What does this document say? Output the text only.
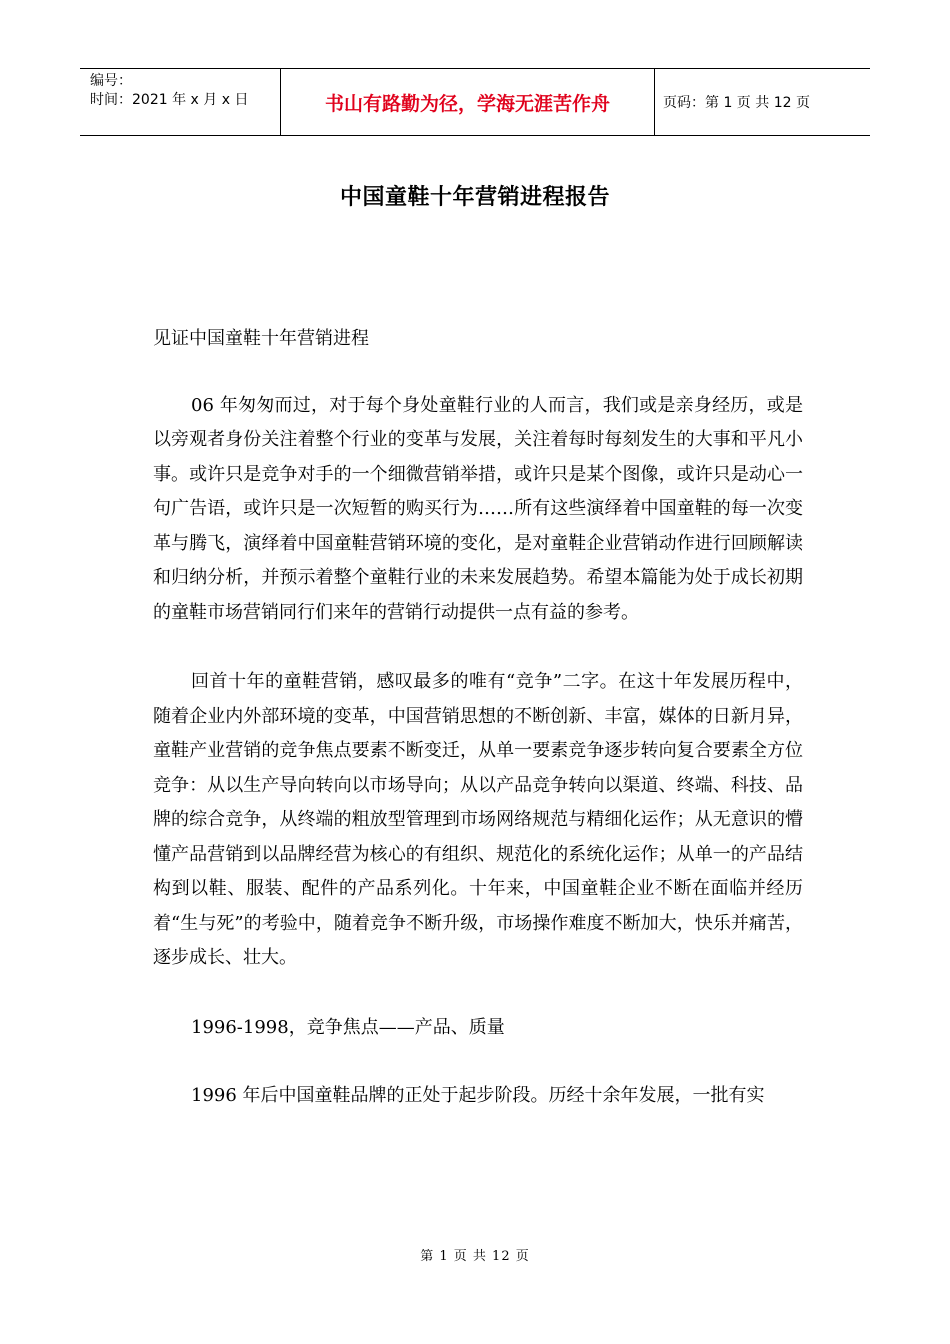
编号：
时间：2021 年 x 月 x 日	书山有路勤为径，学海无涯苦作舟	页码：第 1 页 共 12 页
中国童鞋十年营销进程报告

见证中国童鞋十年营销进程

06 年匆匆而过，对于每个身处童鞋行业的人而言，我们或是亲身经历，或是以旁观者身份关注着整个行业的变革与发展，关注着每时每刻发生的大事和平凡小事。或许只是竞争对手的一个细微营销举措，或许只是某个图像，或许只是动心一句广告语，或许只是一次短暂的购买行为……所有这些演绎着中国童鞋的每一次变革与腾飞，演绎着中国童鞋营销环境的变化，是对童鞋企业营销动作进行回顾解读和归纳分析，并预示着整个童鞋行业的未来发展趋势。希望本篇能为处于成长初期的童鞋市场营销同行们来年的营销行动提供一点有益的参考。

回首十年的童鞋营销，感叹最多的唯有“竞争”二字。在这十年发展历程中，随着企业内外部环境的变革，中国营销思想的不断创新、丰富，媒体的日新月异，童鞋产业营销的竞争焦点要素不断变迁，从单一要素竞争逐步转向复合要素全方位竞争：从以生产导向转向以市场导向；从以产品竞争转向以渠道、终端、科技、品牌的综合竞争，从终端的粗放型管理到市场网络规范与精细化运作；从无意识的懵懂产品营销到以品牌经营为核心的有组织、规范化的系统化运作；从单一的产品结构到以鞋、服装、配件的产品系列化。十年来，中国童鞋企业不断在面临并经历着“生与死”的考验中，随着竞争不断升级，市场操作难度不断加大，快乐并痛苦，逐步成长、壮大。

1996-1998，竞争焦点——产品、质量

1996 年后中国童鞋品牌的正处于起步阶段。历经十余年发展，一批有实

第 1 页 共 12 页
